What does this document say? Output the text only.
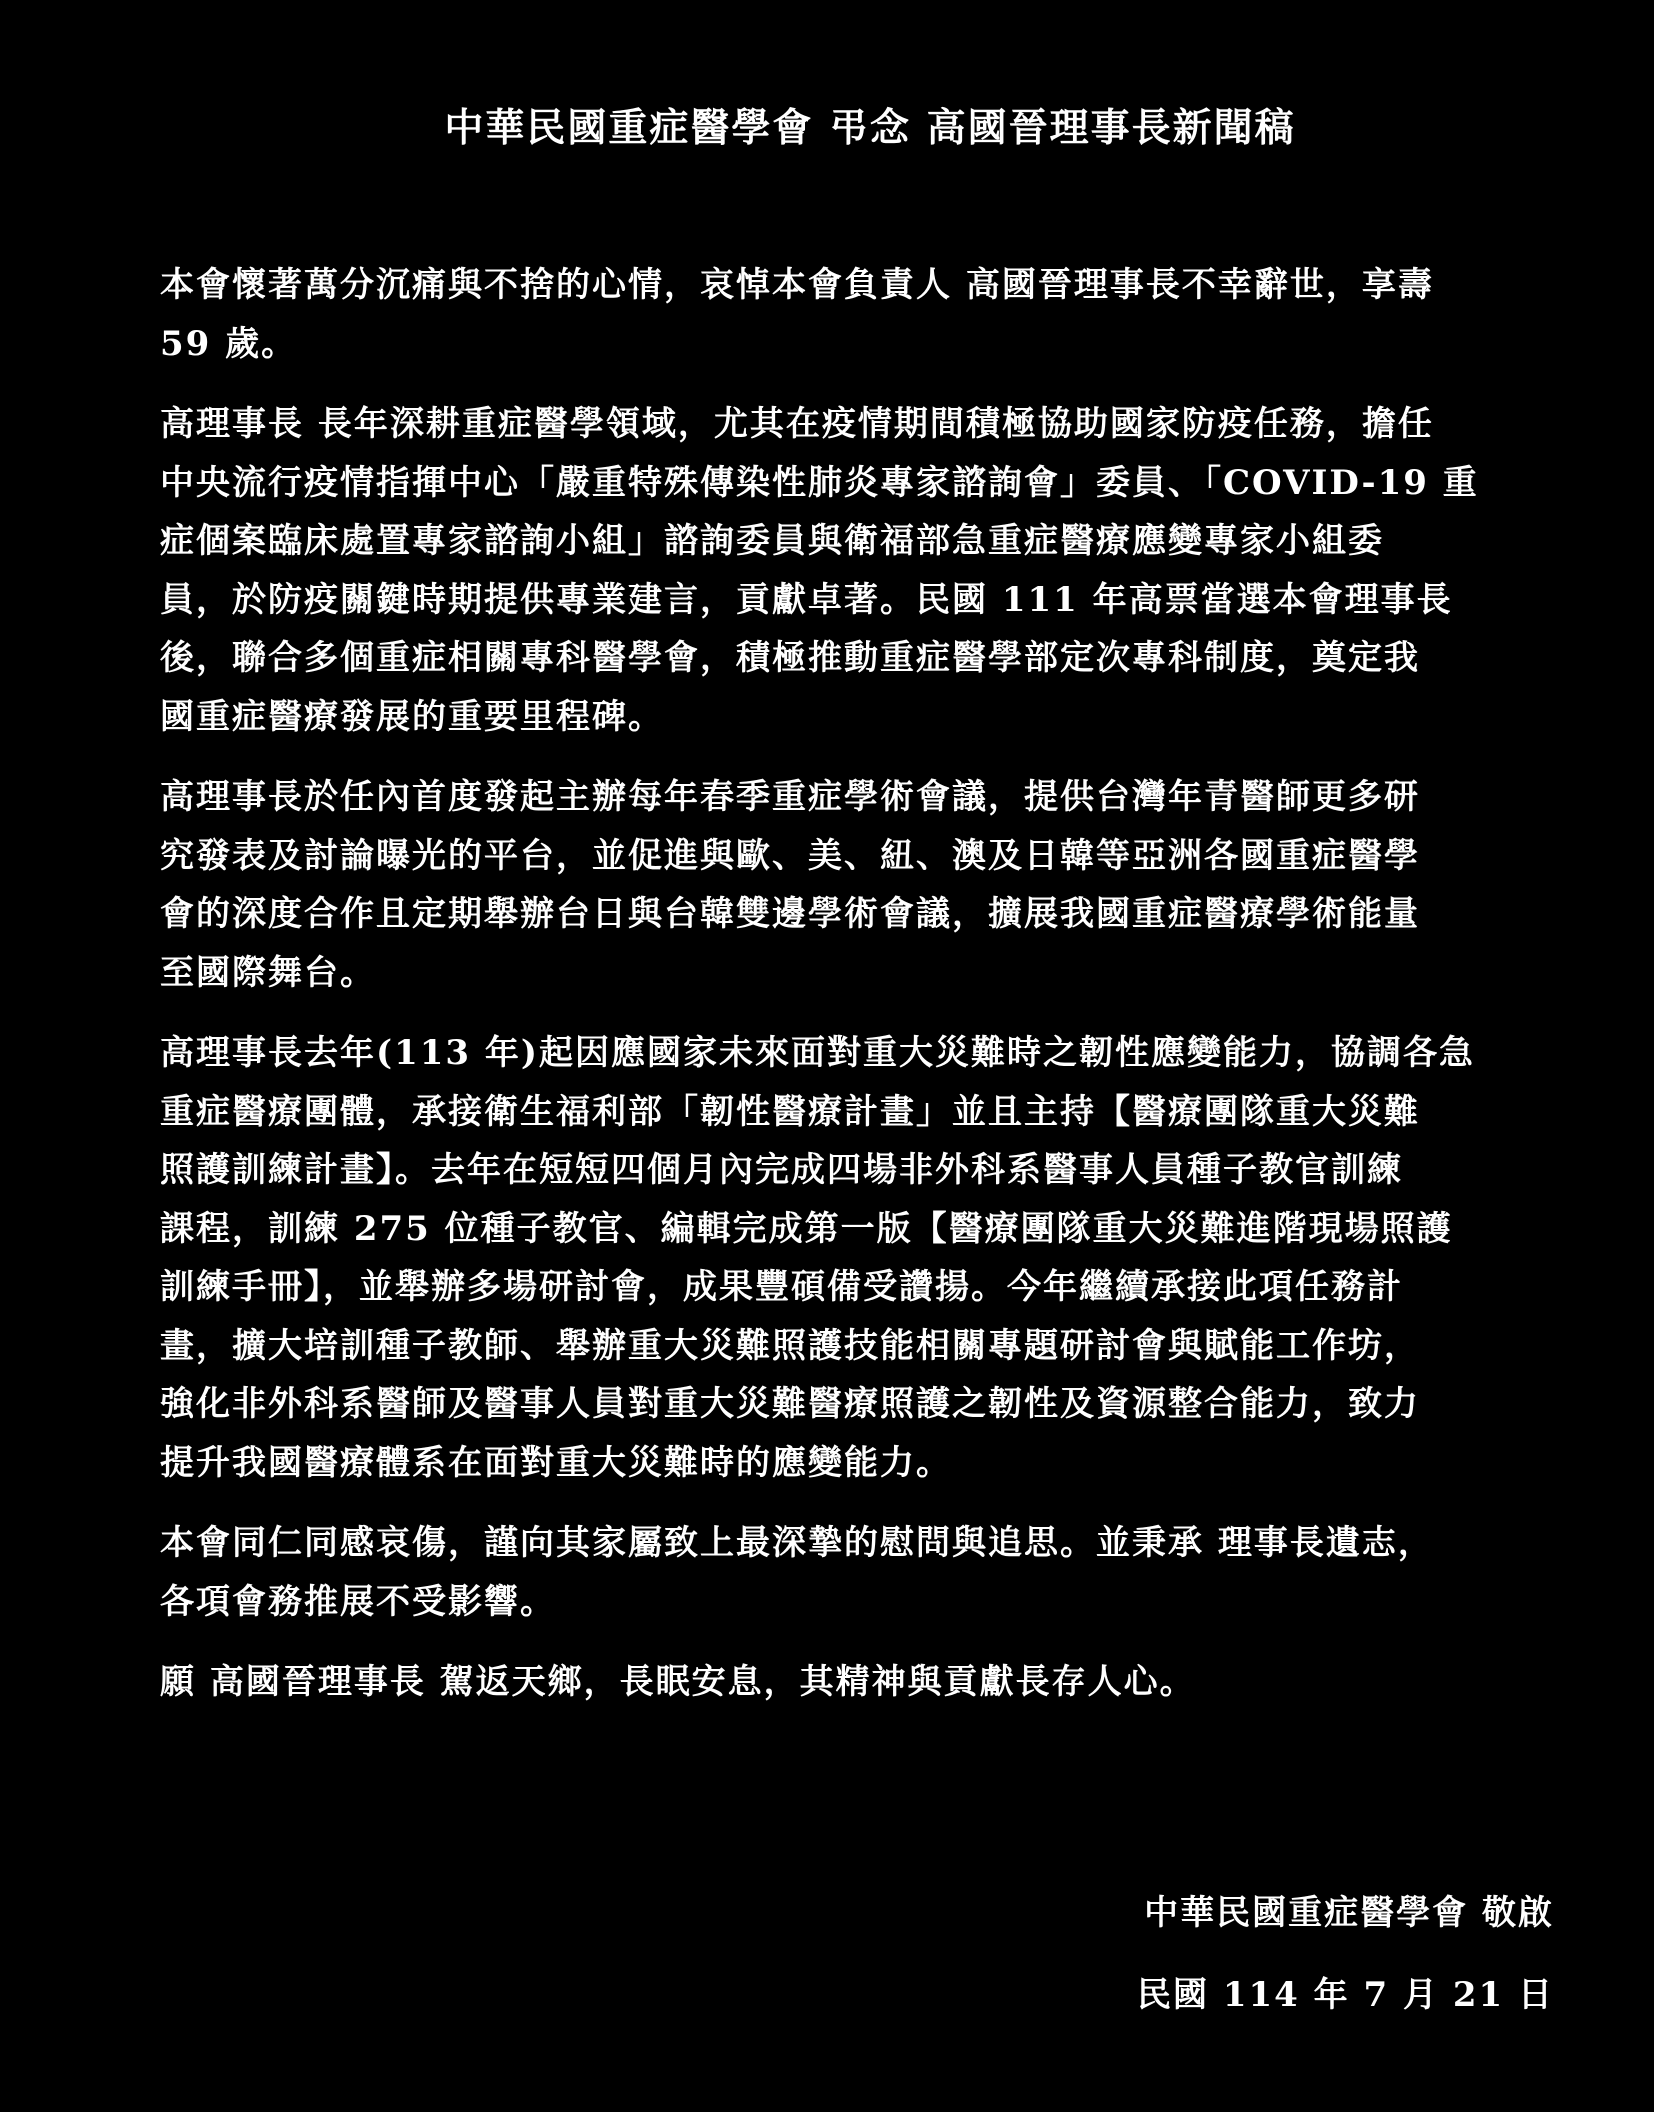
中華民國重症醫學會 弔念 高國晉理事長新聞稿

本會懷著萬分沉痛與不捨的心情，哀悼本會負責人 高國晉理事長不幸辭世，享壽
59 歲。

高理事長 長年深耕重症醫學領域，尤其在疫情期間積極協助國家防疫任務，擔任
中央流行疫情指揮中心「嚴重特殊傳染性肺炎專家諮詢會」委員、「COVID-19 重
症個案臨床處置專家諮詢小組」諮詢委員與衛福部急重症醫療應變專家小組委
員，於防疫關鍵時期提供專業建言，貢獻卓著。民國 111 年高票當選本會理事長
後，聯合多個重症相關專科醫學會，積極推動重症醫學部定次專科制度，奠定我
國重症醫療發展的重要里程碑。

高理事長於任內首度發起主辦每年春季重症學術會議，提供台灣年青醫師更多研
究發表及討論曝光的平台，並促進與歐、美、紐、澳及日韓等亞洲各國重症醫學
會的深度合作且定期舉辦台日與台韓雙邊學術會議，擴展我國重症醫療學術能量
至國際舞台。

高理事長去年(113 年)起因應國家未來面對重大災難時之韌性應變能力，協調各急
重症醫療團體，承接衛生福利部「韌性醫療計畫」並且主持【醫療團隊重大災難
照護訓練計畫】。去年在短短四個月內完成四場非外科系醫事人員種子教官訓練
課程，訓練 275 位種子教官、編輯完成第一版【醫療團隊重大災難進階現場照護
訓練手冊】，並舉辦多場研討會，成果豐碩備受讚揚。今年繼續承接此項任務計
畫，擴大培訓種子教師、舉辦重大災難照護技能相關專題研討會與賦能工作坊，
強化非外科系醫師及醫事人員對重大災難醫療照護之韌性及資源整合能力，致力
提升我國醫療體系在面對重大災難時的應變能力。

本會同仁同感哀傷，謹向其家屬致上最深摯的慰問與追思。並秉承 理事長遺志，
各項會務推展不受影響。

願 高國晉理事長 駕返天鄉，長眠安息，其精神與貢獻長存人心。

中華民國重症醫學會 敬啟
民國 114 年 7 月 21 日
